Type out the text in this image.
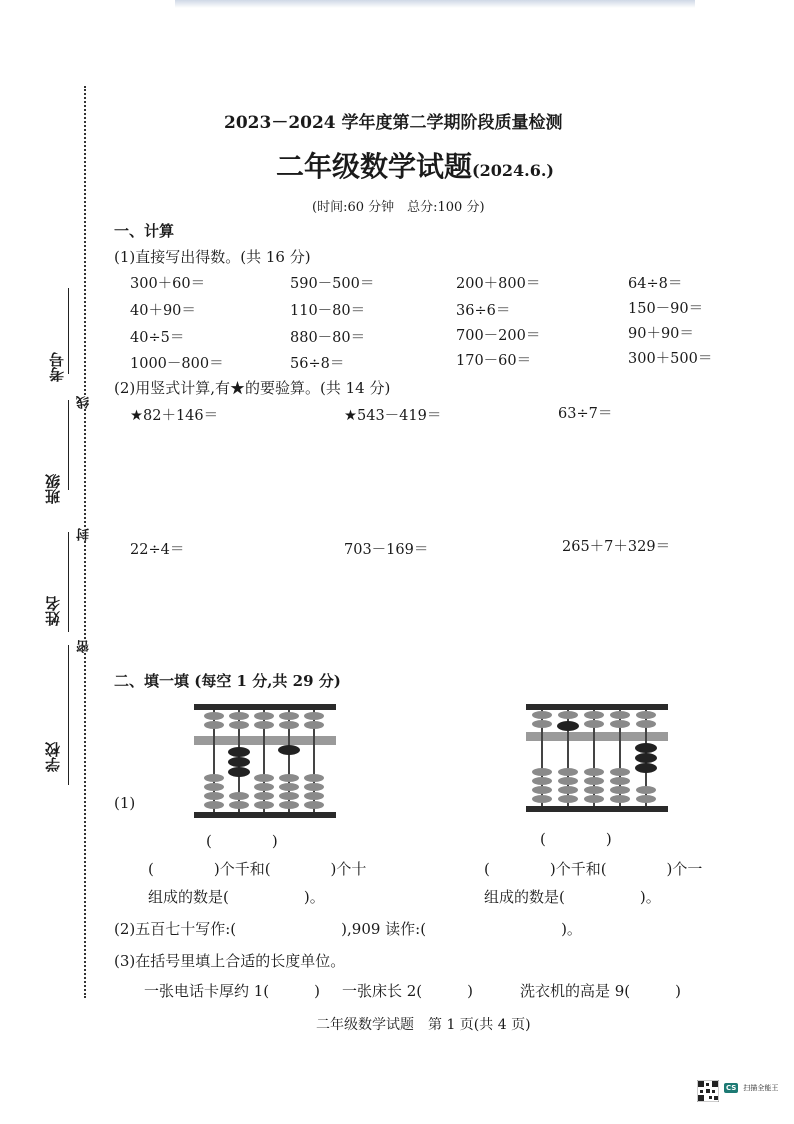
学校
姓名
班级
考号
密
封
线
2023－2024 学年度第二学期阶段质量检测
二年级数学试题(2024.6.)
(时间:60 分钟　总分:100 分)
一、计算
(1)直接写出得数。(共 16 分)
300＋60＝	590－500＝	200＋800＝	64÷8＝
40＋90＝	110－80＝	36÷6＝	150－90＝
40÷5＝	880－80＝	700－200＝	90＋90＝
1000－800＝	56÷8＝	170－60＝	300＋500＝
(2)用竖式计算,有★的要验算。(共 14 分)
★82＋146＝	★543－419＝	63÷7＝
22÷4＝	703－169＝	265＋7＋329＝
二、填一填 (每空 1 分,共 29 分)
(1)
(　　　　)	(　　　　)
(　　　　)个千和(　　　　)个十	(　　　　)个千和(　　　　)个一
组成的数是(　　　　　)。	组成的数是(　　　　　)。
(2)五百七十写作:(　　　　　　　),909 读作:(　　　　　　　　　)。
(3)在括号里填上合适的长度单位。
一张电话卡厚约 1(　　　) 一张床长 2(　　　)	洗衣机的高是 9(　　　)
二年级数学试题　第 1 页(共 4 页)
CS $^{扫描全能王}$
